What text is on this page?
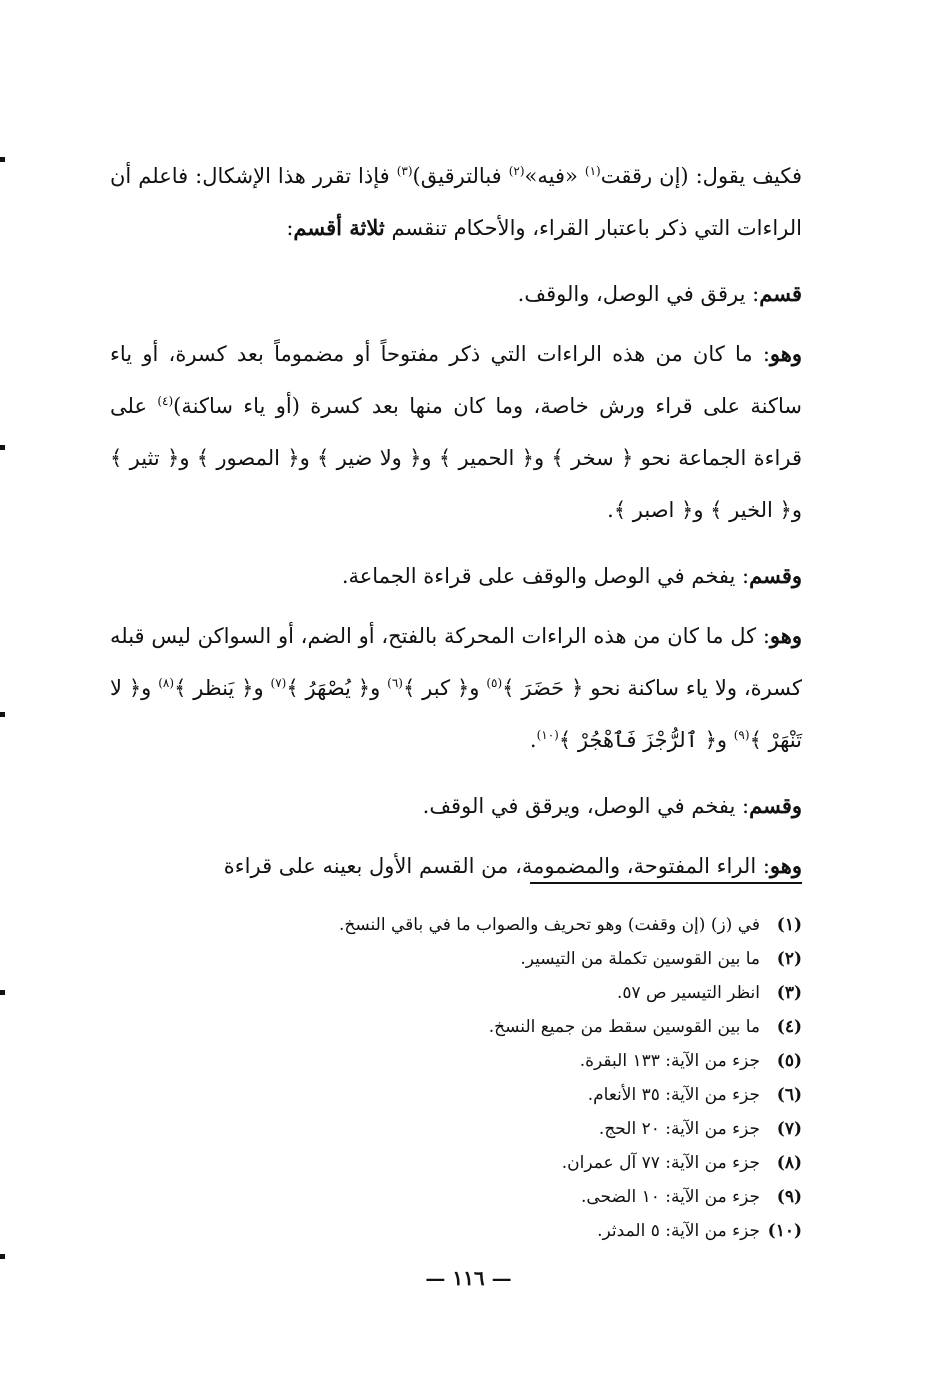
فكيف يقول: (إن رققت$^{(١)}$ «فيه»$^{(٢)}$ فبالترقيق)$^{(٣)}$ فإذا تقرر هذا الإشكال: فاعلم أن الراءات التي ذكر باعتبار القراء، والأحكام تنقسم ثلاثة أقسم:

قسم: يرقق في الوصل، والوقف.

وهو: ما كان من هذه الراءات التي ذكر مفتوحاً أو مضموماً بعد كسرة، أو ياء ساكنة على قراء ورش خاصة، وما كان منها بعد كسرة (أو ياء ساكنة)$^{(٤)}$ على قراءة الجماعة نحو ﴿ سخر ﴾ و﴿ الحمير ﴾ و﴿ ولا ضير ﴾ و﴿ المصور ﴾ و﴿ تثير ﴾ و﴿ الخير ﴾ و﴿ اصبر ﴾.

وقسم: يفخم في الوصل والوقف على قراءة الجماعة.

وهو: كل ما كان من هذه الراءات المحركة بالفتح، أو الضم، أو السواكن ليس قبله كسرة، ولا ياء ساكنة نحو ﴿ حَضَرَ ﴾$^{(٥)}$ و﴿ كبر ﴾$^{(٦)}$ و﴿ يُصْهَرُ ﴾$^{(٧)}$ و﴿ يَنظر ﴾$^{(٨)}$ و﴿ لا تَنْهَرْ ﴾$^{(٩)}$ و﴿ ٱلرُّجْزَ فَٱهْجُرْ ﴾$^{(١٠)}$.

وقسم: يفخم في الوصل، ويرقق في الوقف.

وهو: الراء المفتوحة، والمضمومة، من القسم الأول بعينه على قراءة

(١)في (ز) (إن وقفت) وهو تحريف والصواب ما في باقي النسخ.
(٢)ما بين القوسين تكملة من التيسير.
(٣)انظر التيسير ص ٥٧.
(٤)ما بين القوسين سقط من جميع النسخ.
(٥)جزء من الآية: ١٣٣ البقرة.
(٦)جزء من الآية: ٣٥ الأنعام.
(٧)جزء من الآية: ٢٠ الحج.
(٨)جزء من الآية: ٧٧ آل عمران.
(٩)جزء من الآية: ١٠ الضحى.
(١٠)جزء من الآية: ٥ المدثر.
— ١١٦ —
